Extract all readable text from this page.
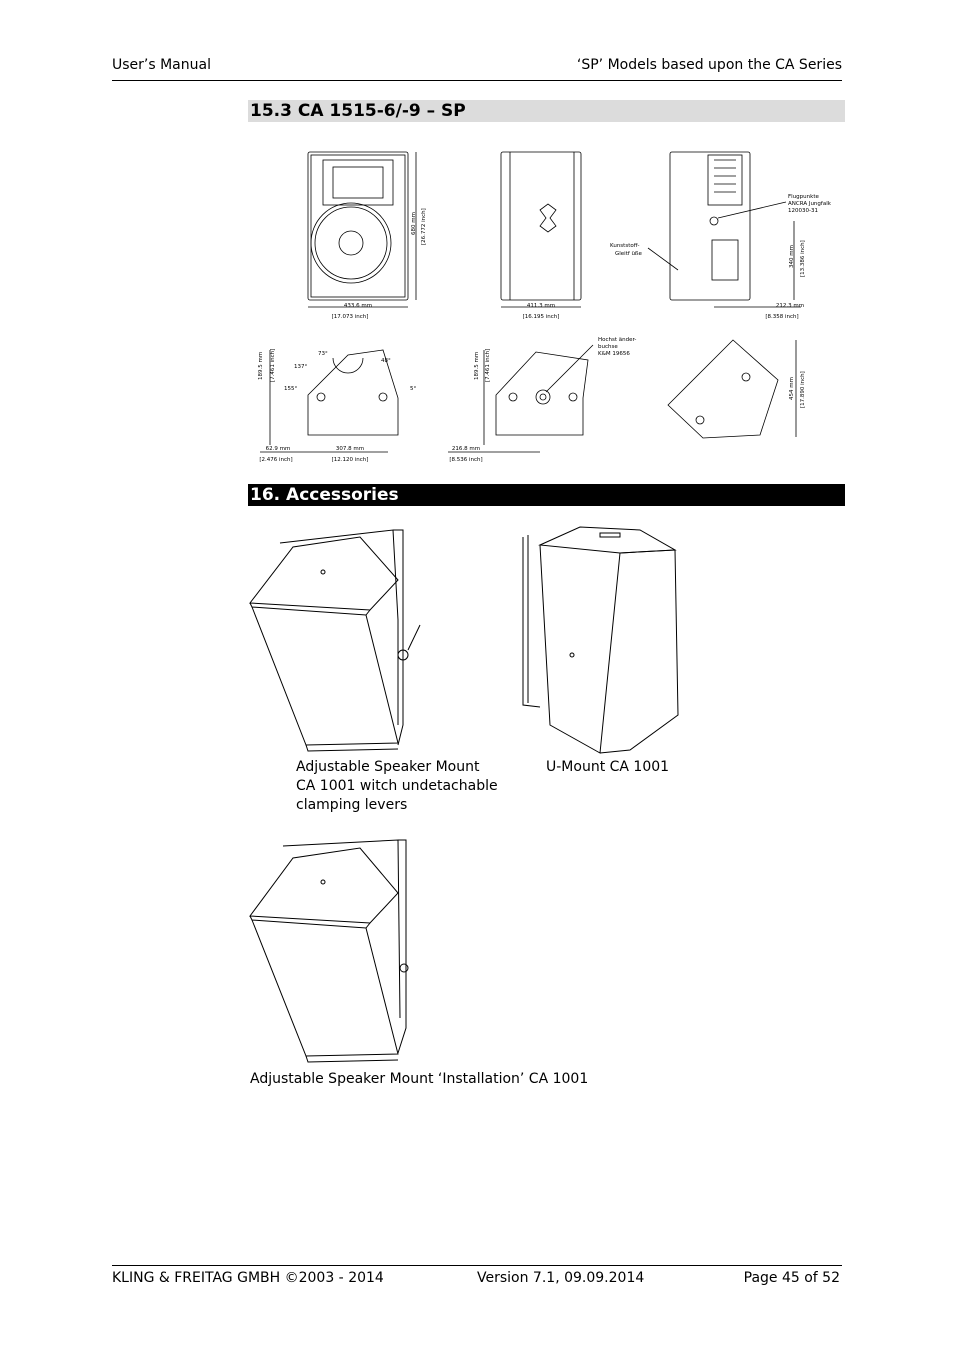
User’s Manual	‘SP’ Models based upon the CA Series
15.3 CA 1515-6/-9 – SP
433.6 mm
[17.073 inch]
680 mm [26.772 inch]
411.3 mm
[16.195 inch]
Flugpunkte
ANCRA Jungfalk
120030-31
Kunststoff-
Gleitf üße	340 mm [13.386 inch]
212.3 mm
[8.358 inch]
189.5 mm [7.461 inch]	73°
137°
48°
155°	5°
62.9 mm
[2.476 inch]
307.8 mm
[12.120 inch]
189.5 mm [7.461 inch]
Hochst änder-
buchse
K&M 19656
216.8 mm
[8.536 inch]
454 mm [17.890 inch]
16. Accessories
Adjustable Speaker Mount
CA 1001 witch undetachable
clamping levers
U-Mount CA 1001
Adjustable Speaker Mount ‘Installation’ CA 1001
KLING & FREITAG GMBH ©2003 - 2014	Version 7.1, 09.09.2014	Page 45 of 52
